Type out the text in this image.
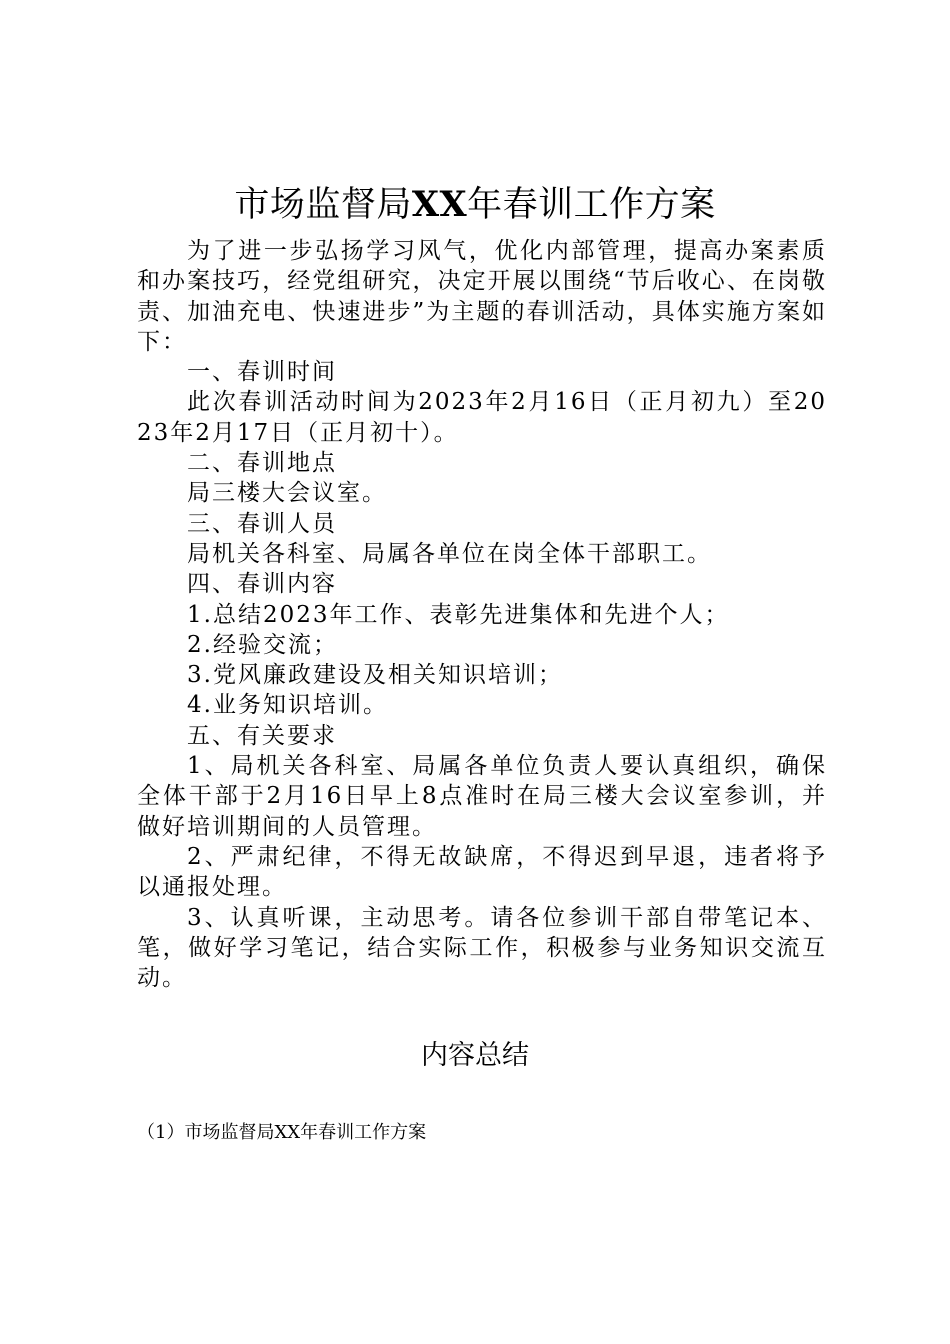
市场监督局XX年春训工作方案

为了进一步弘扬学习风气，优化内部管理，提高办案素质和办案技巧，经党组研究，决定开展以围绕“节后收心、在岗敬责、加油充电、快速进步”为主题的春训活动，具体实施方案如下：

一、春训时间

此次春训活动时间为2023年2月16日（正月初九）至2023年2月17日（正月初十）。

二、春训地点

局三楼大会议室。

三、春训人员

局机关各科室、局属各单位在岗全体干部职工。

四、春训内容

1.总结2023年工作、表彰先进集体和先进个人；

2.经验交流；

3.党风廉政建设及相关知识培训；

4.业务知识培训。

五、有关要求

1、局机关各科室、局属各单位负责人要认真组织，确保全体干部于2月16日早上8点准时在局三楼大会议室参训，并做好培训期间的人员管理。

2、严肃纪律，不得无故缺席，不得迟到早退，违者将予以通报处理。

3、认真听课，主动思考。请各位参训干部自带笔记本、笔，做好学习笔记，结合实际工作，积极参与业务知识交流互动。

内容总结
（1）市场监督局XX年春训工作方案
